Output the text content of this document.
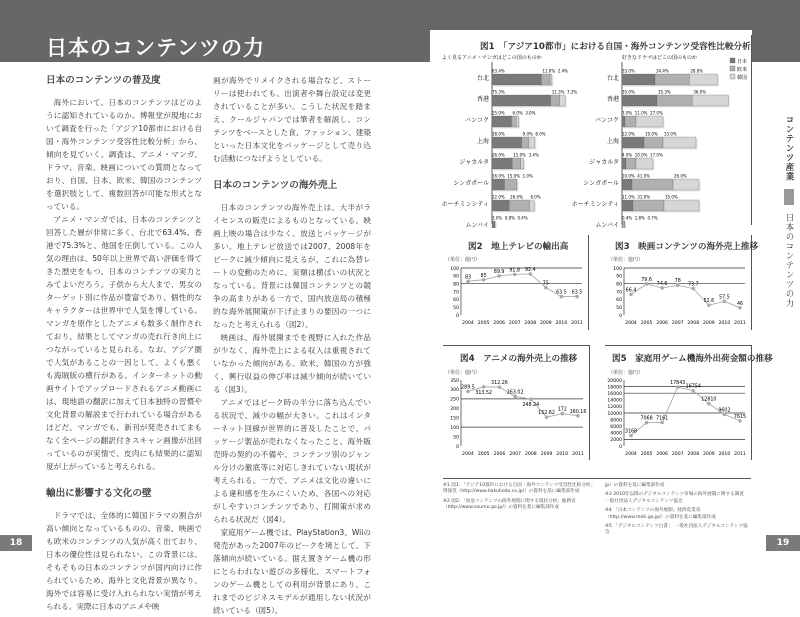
日本のコンテンツの力
日本のコンテンツの普及度

海外において、日本のコンテンツはどのように認知されているのか。博報堂が現地において調査を行った「アジア10都市における自国・海外コンテンツ受容性比較分析」から、傾向を見ていく。調査は、アニメ・マンガ、ドラマ、音楽、映画についての質問となっており、自国、日本、欧米、韓国のコンテンツを選択肢として、複数回答が可能な形式となっている。

アニメ・マンガでは、日本のコンテンツと回答した層が非常に多く、台北で63.4%、香港で75.3%と、他国を圧倒している。この人気の理由は、50年以上世界で高い評価を得てきた歴史をもつ、日本のコンテンツの実力とみてよいだろう。子供から大人まで、男女のターゲット別に作品が豊富であり、個性的なキャラクターは世界中で人気を博している。マンガを原作としたアニメも数多く制作されており、結果としてマンガの売れ行き向上につながっていると見られる。なお、アジア圏で人気があることの一因として、よくも悪くも海賊版の横行がある。インターネットの動画サイトでアップロードされるアニメ動画には、現地語の翻訳に加えて日本独特の習慣や文化背景の解説まで行われている場合があるほどだ。マンガでも、新刊が発売されてまもなく全ページの翻訳付きスキャン画像が出回っているのが実情で、皮肉にも結果的に認知度が上がっていると考えられる。

輸出に影響する文化の壁

ドラマでは、全体的に韓国ドラマの割合が高い傾向となっているものの、音楽、映画でも欧米のコンテンツの人気が高く出ており、日本の優位性は見られない。この背景には、そもそもの日本のコンテンツが国内向けに作られているため、海外と文化背景が異なり、海外では容易に受け入れられない実情が考えられる。実際に日本のアニメや映

画が海外でリメイクされる場合など、ストーリーは使われても、出演者や舞台設定は変更されていることが多い。こうした状況を踏まえ、クールジャパンでは筆者を解説し、コンテンツをベースとした食、ファッション、建築といった日本文化をパッケージとして売り込む活動につなげようとしている。

日本のコンテンツの海外売上

日本のコンテンツの海外売上は、大半がライセンスの販売によるものとなっている。映画上映の場合は少なく、放送とパッケージが多い。地上テレビ放送では2007、2008年をピークに減少傾向に見えるが、これに為替レートの変動のために、実額は横ばいの状況となっている。背景には韓国コンテンツとの競争の高まりがある一方で、国内放送局の積極的な海外展開策が下げ止まりの要因の一つになったと考えられる（図2）。

映画は、海外展開までを視野に入れた作品が少なく、海外売上による収入は重視されていなかった傾向がある。欧米、韓国の方が強く、興行収益の伸び率は減少傾向が続いている（図3）。

アニメではピーク時の半分に落ち込んでいる状況で、減少の幅が大きい。これはインターネット回線が世界的に普及したことで、パッケージ製品が売れなくなったこと、海外販売時の契約の不備や、コンテンツ別のジャンル分けの徹底等に対応しきれていない現状が考えられる。一方で、アニメは文化の違いによる違和感を生みにくいため、各国への対応がしやすいコンテンツであり、打開策が求められる状況だ（図4）。

家庭用ゲーム機では、PlayStation3、Wiiの発売があった2007年のピークを境として、下落傾向が続いている。据え置きゲーム機の形にとらわれない遊びの多様化、スマートフォンのゲーム機としての利用が背景にあり、これまでのビジネスモデルが通用しない状況が続いている（図5）。

18	19
コンテンツ産業  日本のコンテンツの力
図1　「アジア10都市」における自国・海外コンテンツ受容性比較分析
よく見るアニメ・マンガはどこの国のものか
台北
63.4%	11.0% 2.4%
香港
75.3%	11.3% 7.2%
バンコク
25.0% 6.0% 3.0%
上海
38.0%	9.0% 8.0%
ジャカルタ
26.0% 11.0% 3.4%
シンガポール
16.0% 15.0% 1.0%
ホーチミンシティ
22.0% 26.0% 6.0%
ムンバイ
3.0% 0.8% 0.4%
好きなドラマはどこの国のものか
台北
33.0%	34.4%	28.0%
香港
35.0%	35.3%	36.0%
バンコク
3.0% 11.0% 27.0%
上海
22.0%	19.0% 33.0%
ジャカルタ
4.0% 10.0% 17.0%
シンガポール
10.0% 41.0%	26.0%
ホーチミンシティ
11.0% 31.0%	35.0%
ムンバイ
0.4% 1.8% 0.7%
日本
欧米
韓国
図2　地上テレビの輸出高	図3　映画コンテンツの海外売上推移
図4　アニメの海外売上の推移	図5　家庭用ゲーム機海外出荷金額の推移
（単位：億円）	（単位：億円）
（単位：億円）	（単位：億円）
0
50
60
70
80
90
100
2004 2005 2006 2007 2008 2009 2010 2011
83 85
89.9 91.8 92.4
75
63.5 63.5
0
50
60
70
80
90
100
2004 2005 2006 2007 2008 2009 2010 2011
66.4
79.6
74.6
78
73.7
52.6
57.5
46
0
50
100
150
200
250
300
350
2004 2005 2006 2007 2008 2009 2010 2011
289.5
313.52
312.26
263.02
248.24
152.62
172 160.16
0
2000
4000
6000
8000
10000
12000
14000
16000
18000
20000
2004 2005 2006 2007 2008 2009 2010 2011
3168
7068 7161
17843
16754
12810
9602
7615
※1 図1：「アジア10都市における自国・海外コンテンツ受容性比較分析」博報堂（http://www.hakuhodo.co.jp/）の資料を基に編集部作成
※2 図2：「放送コンテンツの海外展開に関する現状分析」総務省（http://www.soumu.go.jp/）の資料を基に編集部作成
jp）の資料を基に編集部作成
※3 2010年以降のデジタルコンテンツ市場の海外展開に関する調査　一般社団法人デジタルコンテンツ協会
※4 「日本コンテンツの海外展開」経済産業省（http://www.meti.go.jp/）の資料を基に編集部作成
※5 「デジタルコンテンツ白書」　一般社団法人デジタルコンテンツ協会
